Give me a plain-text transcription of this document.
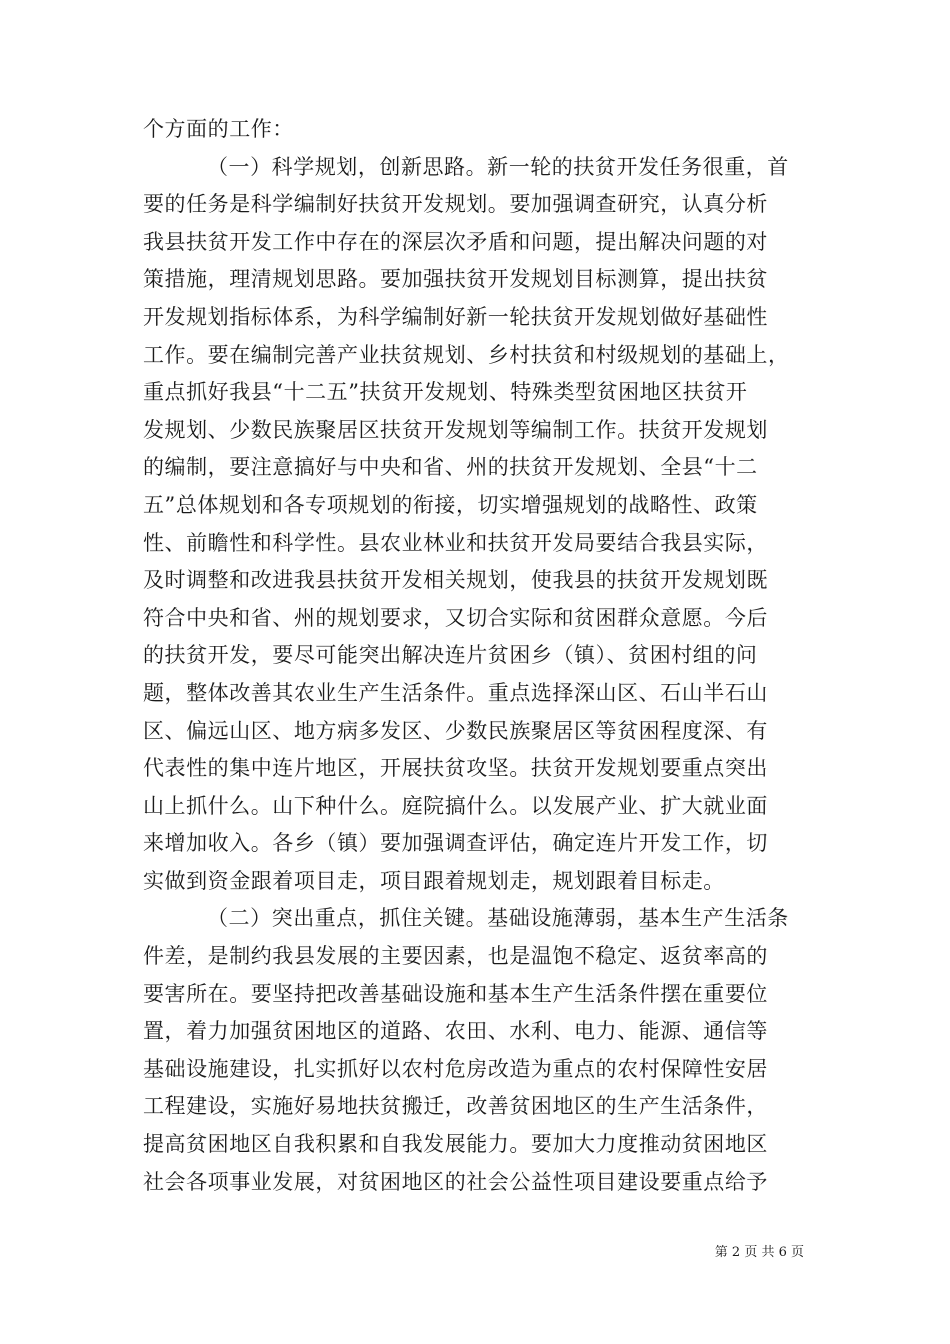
个方面的工作：
（一）科学规划，创新思路。新一轮的扶贫开发任务很重，首
要的任务是科学编制好扶贫开发规划。要加强调查研究，认真分析
我县扶贫开发工作中存在的深层次矛盾和问题，提出解决问题的对
策措施，理清规划思路。要加强扶贫开发规划目标测算，提出扶贫
开发规划指标体系，为科学编制好新一轮扶贫开发规划做好基础性
工作。要在编制完善产业扶贫规划、乡村扶贫和村级规划的基础上，
重点抓好我县“十二五”扶贫开发规划、特殊类型贫困地区扶贫开
发规划、少数民族聚居区扶贫开发规划等编制工作。扶贫开发规划
的编制，要注意搞好与中央和省、州的扶贫开发规划、全县“十二
五”总体规划和各专项规划的衔接，切实增强规划的战略性、政策
性、前瞻性和科学性。县农业林业和扶贫开发局要结合我县实际，
及时调整和改进我县扶贫开发相关规划，使我县的扶贫开发规划既
符合中央和省、州的规划要求，又切合实际和贫困群众意愿。今后
的扶贫开发，要尽可能突出解决连片贫困乡（镇）、贫困村组的问
题，整体改善其农业生产生活条件。重点选择深山区、石山半石山
区、偏远山区、地方病多发区、少数民族聚居区等贫困程度深、有
代表性的集中连片地区，开展扶贫攻坚。扶贫开发规划要重点突出
山上抓什么。山下种什么。庭院搞什么。以发展产业、扩大就业面
来增加收入。各乡（镇）要加强调查评估，确定连片开发工作，切
实做到资金跟着项目走，项目跟着规划走，规划跟着目标走。
（二）突出重点，抓住关键。基础设施薄弱，基本生产生活条
件差，是制约我县发展的主要因素，也是温饱不稳定、返贫率高的
要害所在。要坚持把改善基础设施和基本生产生活条件摆在重要位
置，着力加强贫困地区的道路、农田、水利、电力、能源、通信等
基础设施建设，扎实抓好以农村危房改造为重点的农村保障性安居
工程建设，实施好易地扶贫搬迁，改善贫困地区的生产生活条件，
提高贫困地区自我积累和自我发展能力。要加大力度推动贫困地区
社会各项事业发展，对贫困地区的社会公益性项目建设要重点给予
第 2 页 共 6 页
